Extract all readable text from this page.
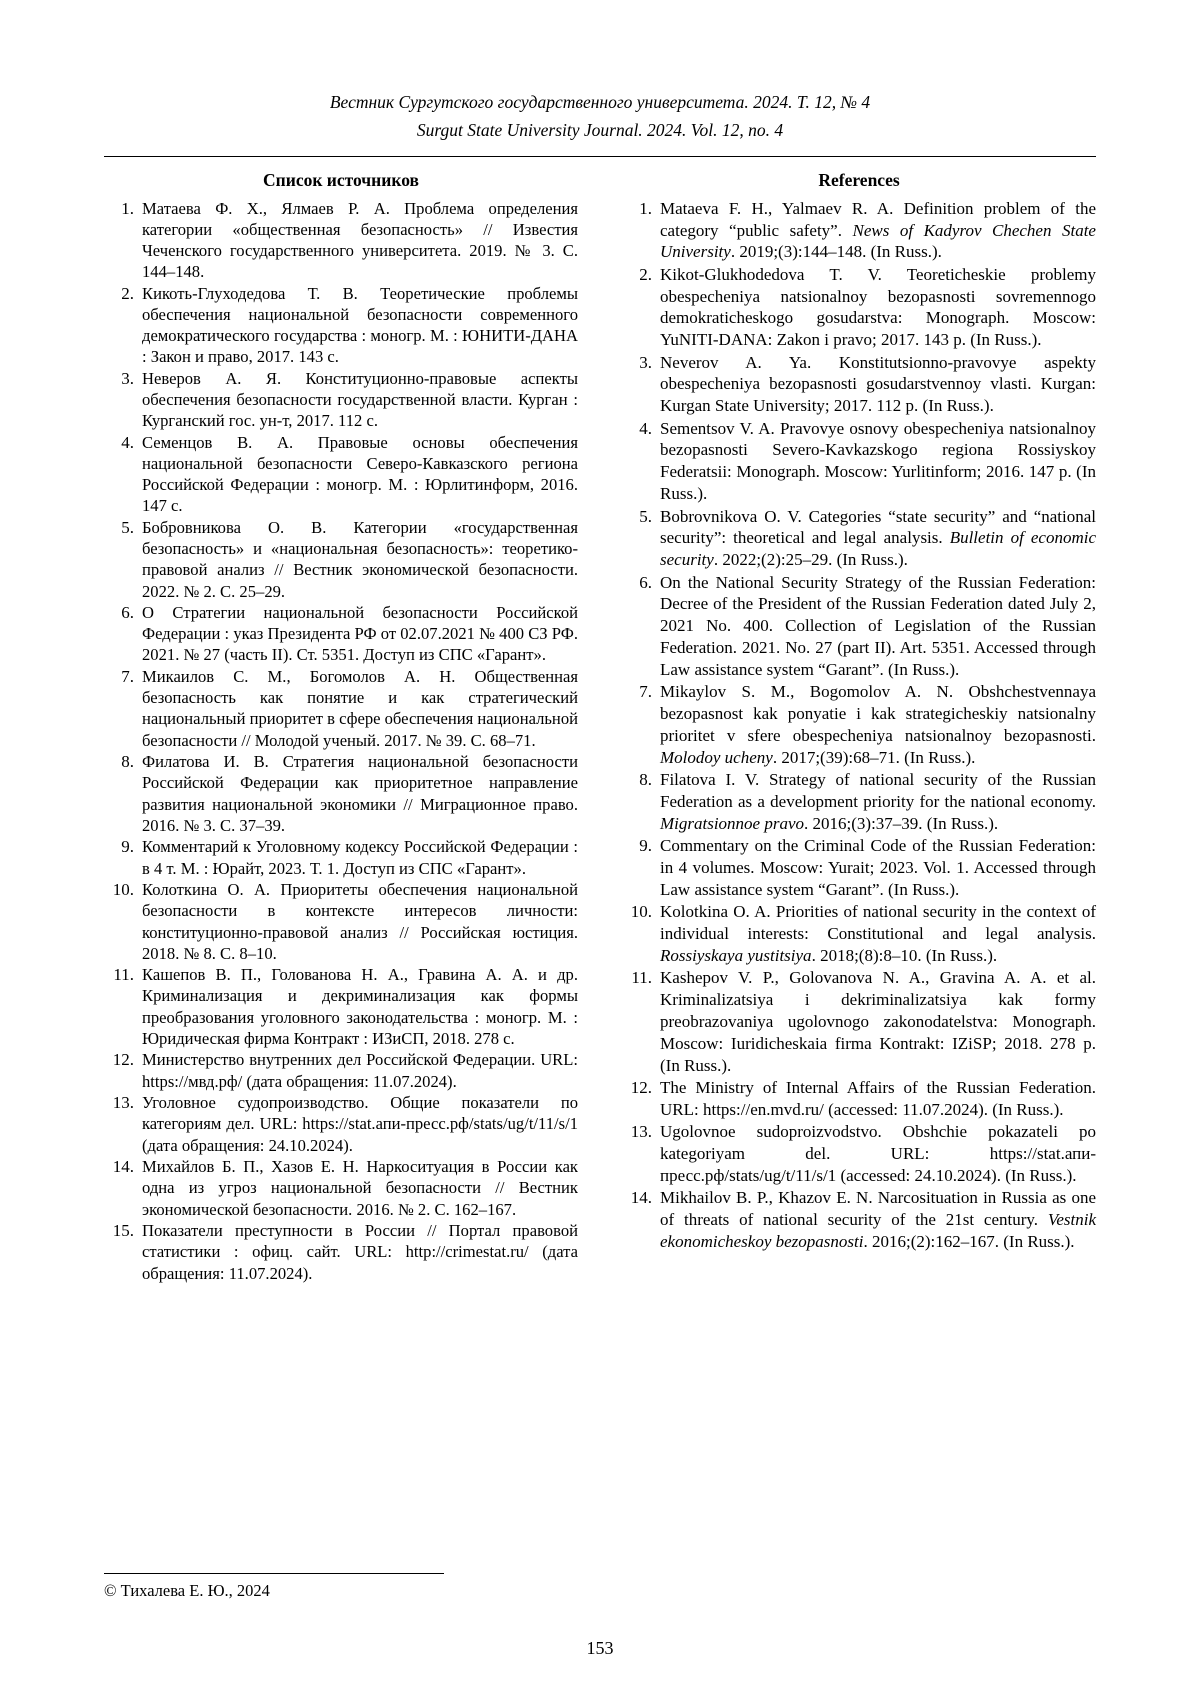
Вестник Сургутского государственного университета. 2024. Т. 12, № 4
Surgut State University Journal. 2024. Vol. 12, no. 4
Список источников
1. Матаева Ф. Х., Ялмаев Р. А. Проблема определения категории «общественная безопасность» // Известия Чеченского государственного университета. 2019. № 3. С. 144–148.
2. Кикоть-Глуходедова Т. В. Теоретические проблемы обеспечения национальной безопасности современного демократического государства : моногр. М. : ЮНИТИ-ДАНА : Закон и право, 2017. 143 с.
3. Неверов А. Я. Конституционно-правовые аспекты обеспечения безопасности государственной власти. Курган : Курганский гос. ун-т, 2017. 112 с.
4. Семенцов В. А. Правовые основы обеспечения национальной безопасности Северо-Кавказского региона Российской Федерации : моногр. М. : Юрлитинформ, 2016. 147 с.
5. Бобровникова О. В. Категории «государственная безопасность» и «национальная безопасность»: теоретико-правовой анализ // Вестник экономической безопасности. 2022. № 2. С. 25–29.
6. О Стратегии национальной безопасности Российской Федерации : указ Президента РФ от 02.07.2021 № 400 СЗ РФ. 2021. № 27 (часть II). Ст. 5351. Доступ из СПС «Гарант».
7. Микаилов С. М., Богомолов А. Н. Общественная безопасность как понятие и как стратегический национальный приоритет в сфере обеспечения национальной безопасности // Молодой ученый. 2017. № 39. С. 68–71.
8. Филатова И. В. Стратегия национальной безопасности Российской Федерации как приоритетное направление развития национальной экономики // Миграционное право. 2016. № 3. С. 37–39.
9. Комментарий к Уголовному кодексу Российской Федерации : в 4 т. М. : Юрайт, 2023. Т. 1. Доступ из СПС «Гарант».
10. Колоткина О. А. Приоритеты обеспечения национальной безопасности в контексте интересов личности: конституционно-правовой анализ // Российская юстиция. 2018. № 8. С. 8–10.
11. Кашепов В. П., Голованова Н. А., Гравина А. А. и др. Криминализация и декриминализация как формы преобразования уголовного законодательства : моногр. М. : Юридическая фирма Контракт : ИЗиСП, 2018. 278 с.
12. Министерство внутренних дел Российской Федерации. URL: https://мвд.рф/ (дата обращения: 11.07.2024).
13. Уголовное судопроизводство. Общие показатели по категориям дел. URL: https://stat.апи-пресс.рф/stats/ug/t/11/s/1 (дата обращения: 24.10.2024).
14. Михайлов Б. П., Хазов Е. Н. Наркоситуация в России как одна из угроз национальной безопасности // Вестник экономической безопасности. 2016. № 2. С. 162–167.
15. Показатели преступности в России // Портал правовой статистики : офиц. сайт. URL: http://crimestat.ru/ (дата обращения: 11.07.2024).
References
1. Mataeva F. H., Yalmaev R. A. Definition problem of the category “public safety”. News of Kadyrov Chechen State University. 2019;(3):144–148. (In Russ.).
2. Kikot-Glukhodedova T. V. Teoreticheskie problemy obespecheniya natsionalnoy bezopasnosti sovremennogo demokraticheskogo gosudarstva: Monograph. Moscow: YuNITI-DANA: Zakon i pravo; 2017. 143 p. (In Russ.).
3. Neverov A. Ya. Konstitutsionno-pravovye aspekty obespecheniya bezopasnosti gosudarstvennoy vlasti. Kurgan: Kurgan State University; 2017. 112 p. (In Russ.).
4. Sementsov V. A. Pravovye osnovy obespecheniya natsionalnoy bezopasnosti Severo-Kavkazskogo regiona Rossiyskoy Federatsii: Monograph. Moscow: Yurlitinform; 2016. 147 p. (In Russ.).
5. Bobrovnikova O. V. Categories “state security” and “national security”: theoretical and legal analysis. Bulletin of economic security. 2022;(2):25–29. (In Russ.).
6. On the National Security Strategy of the Russian Federation: Decree of the President of the Russian Federation dated July 2, 2021 No. 400. Collection of Legislation of the Russian Federation. 2021. No. 27 (part II). Art. 5351. Accessed through Law assistance system “Garant”. (In Russ.).
7. Mikaylov S. M., Bogomolov A. N. Obshchestvennaya bezopasnost kak ponyatie i kak strategicheskiy natsionalny prioritet v sfere obespecheniya natsionalnoy bezopasnosti. Molodoy ucheny. 2017;(39):68–71. (In Russ.).
8. Filatova I. V. Strategy of national security of the Russian Federation as a development priority for the national economy. Migratsionnoe pravo. 2016;(3):37–39. (In Russ.).
9. Commentary on the Criminal Code of the Russian Federation: in 4 volumes. Moscow: Yurait; 2023. Vol. 1. Accessed through Law assistance system “Garant”. (In Russ.).
10. Kolotkina O. A. Priorities of national security in the context of individual interests: Constitutional and legal analysis. Rossiyskaya yustitsiya. 2018;(8):8–10. (In Russ.).
11. Kashepov V. P., Golovanova N. A., Gravina A. A. et al. Kriminalizatsiya i dekriminalizatsiya kak formy preobrazovaniya ugolovnogo zakonodatelstva: Monograph. Moscow: Iuridicheskaia firma Kontrakt: IZiSP; 2018. 278 p. (In Russ.).
12. The Ministry of Internal Affairs of the Russian Federation. URL: https://en.mvd.ru/ (accessed: 11.07.2024). (In Russ.).
13. Ugolovnoe sudoproizvodstvo. Obshchie pokazateli po kategoriyam del. URL: https://stat.апи-пресс.рф/stats/ug/t/11/s/1 (accessed: 24.10.2024). (In Russ.).
14. Mikhailov B. P., Khazov E. N. Narcosituation in Russia as one of threats of national security of the 21st century. Vestnik ekonomicheskoy bezopasnosti. 2016;(2):162–167. (In Russ.).
© Тихалева Е. Ю., 2024
153
